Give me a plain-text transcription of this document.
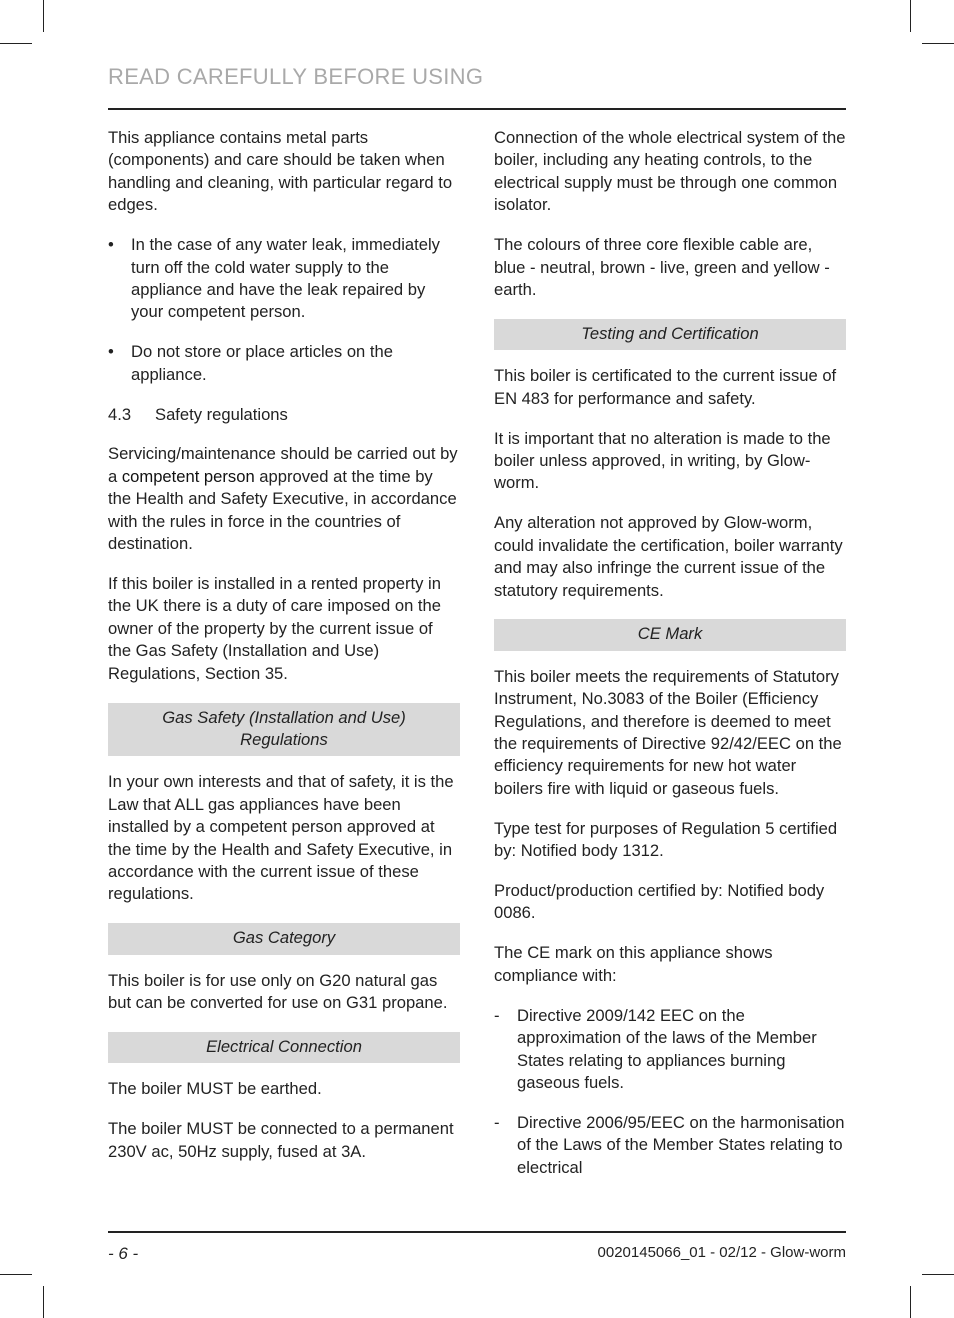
READ CAREFULLY BEFORE USING

This appliance contains metal parts (components) and care should be taken when handling and cleaning, with particular regard to edges.

•	In the case of any water leak, immediately turn off the cold water supply to the appliance and have the leak repaired by your competent person.
•	Do not store or place articles on the appliance.
4.3	Safety regulations

Servicing/maintenance should be carried out by a competent person approved at the time by the Health and Safety Executive, in accordance with the rules in force in the countries of destination.

If this boiler is installed in a rented property in the UK there is a duty of care imposed on the owner of the property by the current issue of the Gas Safety (Installation and Use) Regulations, Section 35.

Gas Safety (Installation and Use)
Regulations

In your own interests and that of safety, it is the Law that ALL gas appliances have been installed by a competent person approved at the time by the Health and Safety Executive, in accordance with the current issue of these regulations.

Gas Category

This boiler is for use only on G20 natural gas but can be converted for use on G31 propane.

Electrical Connection

The boiler MUST be earthed.

The boiler MUST be connected to a permanent 230V ac, 50Hz supply, fused at 3A.

Connection of the whole electrical system of the boiler, including any heating controls, to the electrical supply must be through one common isolator.

The colours of three core flexible cable are, blue - neutral, brown - live, green and yellow - earth.

Testing and Certification

This boiler is certificated to the current issue of EN 483 for performance and safety.

It is important that no alteration is made to the boiler unless approved, in writing, by Glow-worm.

Any alteration not approved by Glow-worm, could invalidate the certification, boiler warranty and may also infringe the current issue of the statutory requirements.

CE Mark

This boiler meets the requirements of Statutory Instrument, No.3083 of the Boiler (Efficiency Regulations, and therefore is deemed to meet the requirements of Directive 92/42/EEC on the efficiency requirements for new hot water boilers fire with liquid or gaseous fuels.

Type test for purposes of Regulation 5 certified by: Notified body 1312.

Product/production certified by: Notified body 0086.

The CE mark on this appliance shows compliance with:

-	Directive 2009/142 EEC on the approximation of the laws of the Member States relating to appliances burning gaseous fuels.
-	Directive 2006/95/EEC on the harmonisation of the Laws of the Member States relating to electrical
- 6 -	0020145066_01 - 02/12 - Glow-worm
